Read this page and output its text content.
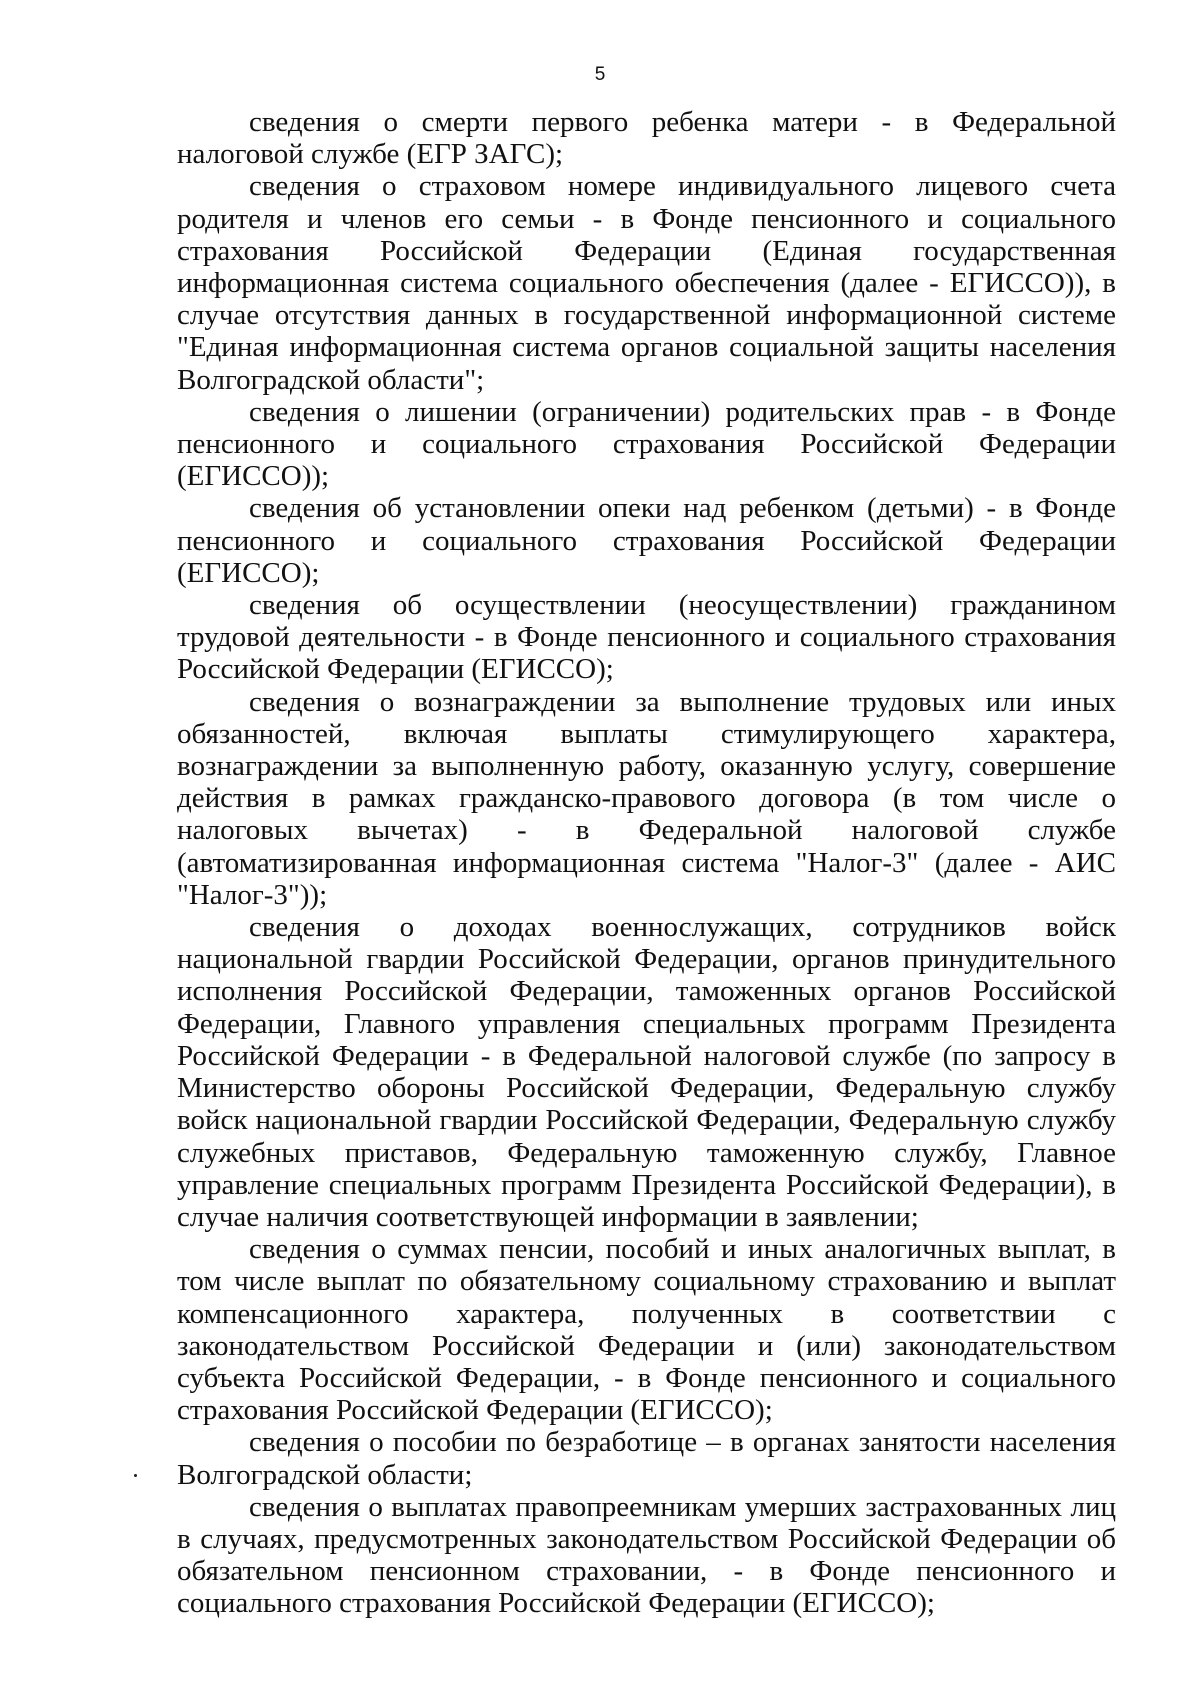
5

сведения о смерти первого ребенка матери - в Федеральной налоговой службе (ЕГР ЗАГС);

сведения о страховом номере индивидуального лицевого счета родителя и членов его семьи - в Фонде пенсионного и социального страхования Российской Федерации (Единая государственная информационная система социального обеспечения (далее - ЕГИССО)), в случае отсутствия данных в государственной информационной системе "Единая информационная система органов социальной защиты населения Волгоградской области";

сведения о лишении (ограничении) родительских прав - в Фонде пенсионного и социального страхования Российской Федерации (ЕГИССО));

сведения об установлении опеки над ребенком (детьми) - в Фонде пенсионного и социального страхования Российской Федерации (ЕГИССО);

сведения об осуществлении (неосуществлении) гражданином трудовой деятельности - в Фонде пенсионного и социального страхования Российской Федерации (ЕГИССО);

сведения о вознаграждении за выполнение трудовых или иных обязанностей, включая выплаты стимулирующего характера, вознаграждении за выполненную работу, оказанную услугу, совершение действия в рамках гражданско-правового договора (в том числе о налоговых вычетах) - в Федеральной налоговой службе (автоматизированная информационная система "Налог-3" (далее - АИС "Налог-3"));

сведения о доходах военнослужащих, сотрудников войск национальной гвардии Российской Федерации, органов принудительного исполнения Российской Федерации, таможенных органов Российской Федерации, Главного управления специальных программ Президента Российской Федерации - в Федеральной налоговой службе (по запросу в Министерство обороны Российской Федерации, Федеральную службу войск национальной гвардии Российской Федерации, Федеральную службу служебных приставов, Федеральную таможенную службу, Главное управление специальных программ Президента Российской Федерации), в случае наличия соответствующей информации в заявлении;

сведения о суммах пенсии, пособий и иных аналогичных выплат, в том числе выплат по обязательному социальному страхованию и выплат компенсационного характера, полученных в соответствии с законодательством Российской Федерации и (или) законодательством субъекта Российской Федерации, - в Фонде пенсионного и социального страхования Российской Федерации (ЕГИССО);

сведения о пособии по безработице – в органах занятости населения Волгоградской области;

сведения о выплатах правопреемникам умерших застрахованных лиц в случаях, предусмотренных законодательством Российской Федерации об обязательном пенсионном страховании, - в Фонде пенсионного и социального страхования Российской Федерации (ЕГИССО);
